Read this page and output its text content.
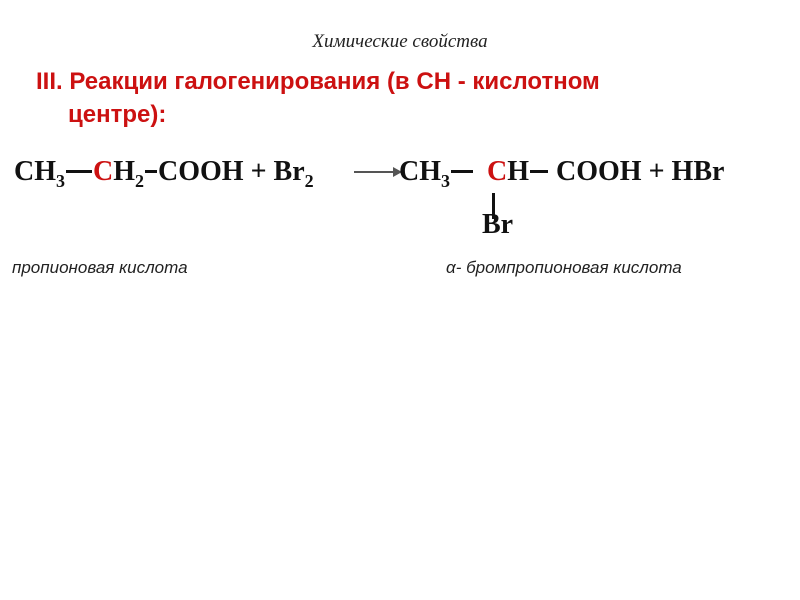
Химические свойства
III. Реакции галогенирования (в СН - кислотном
центре):
$CH_3$ $CH_2$ COOH + $Br_2$	$CH_3$ CH COOH + HBr
Br
пропионовая кислота	α- бромпропионовая кислота
